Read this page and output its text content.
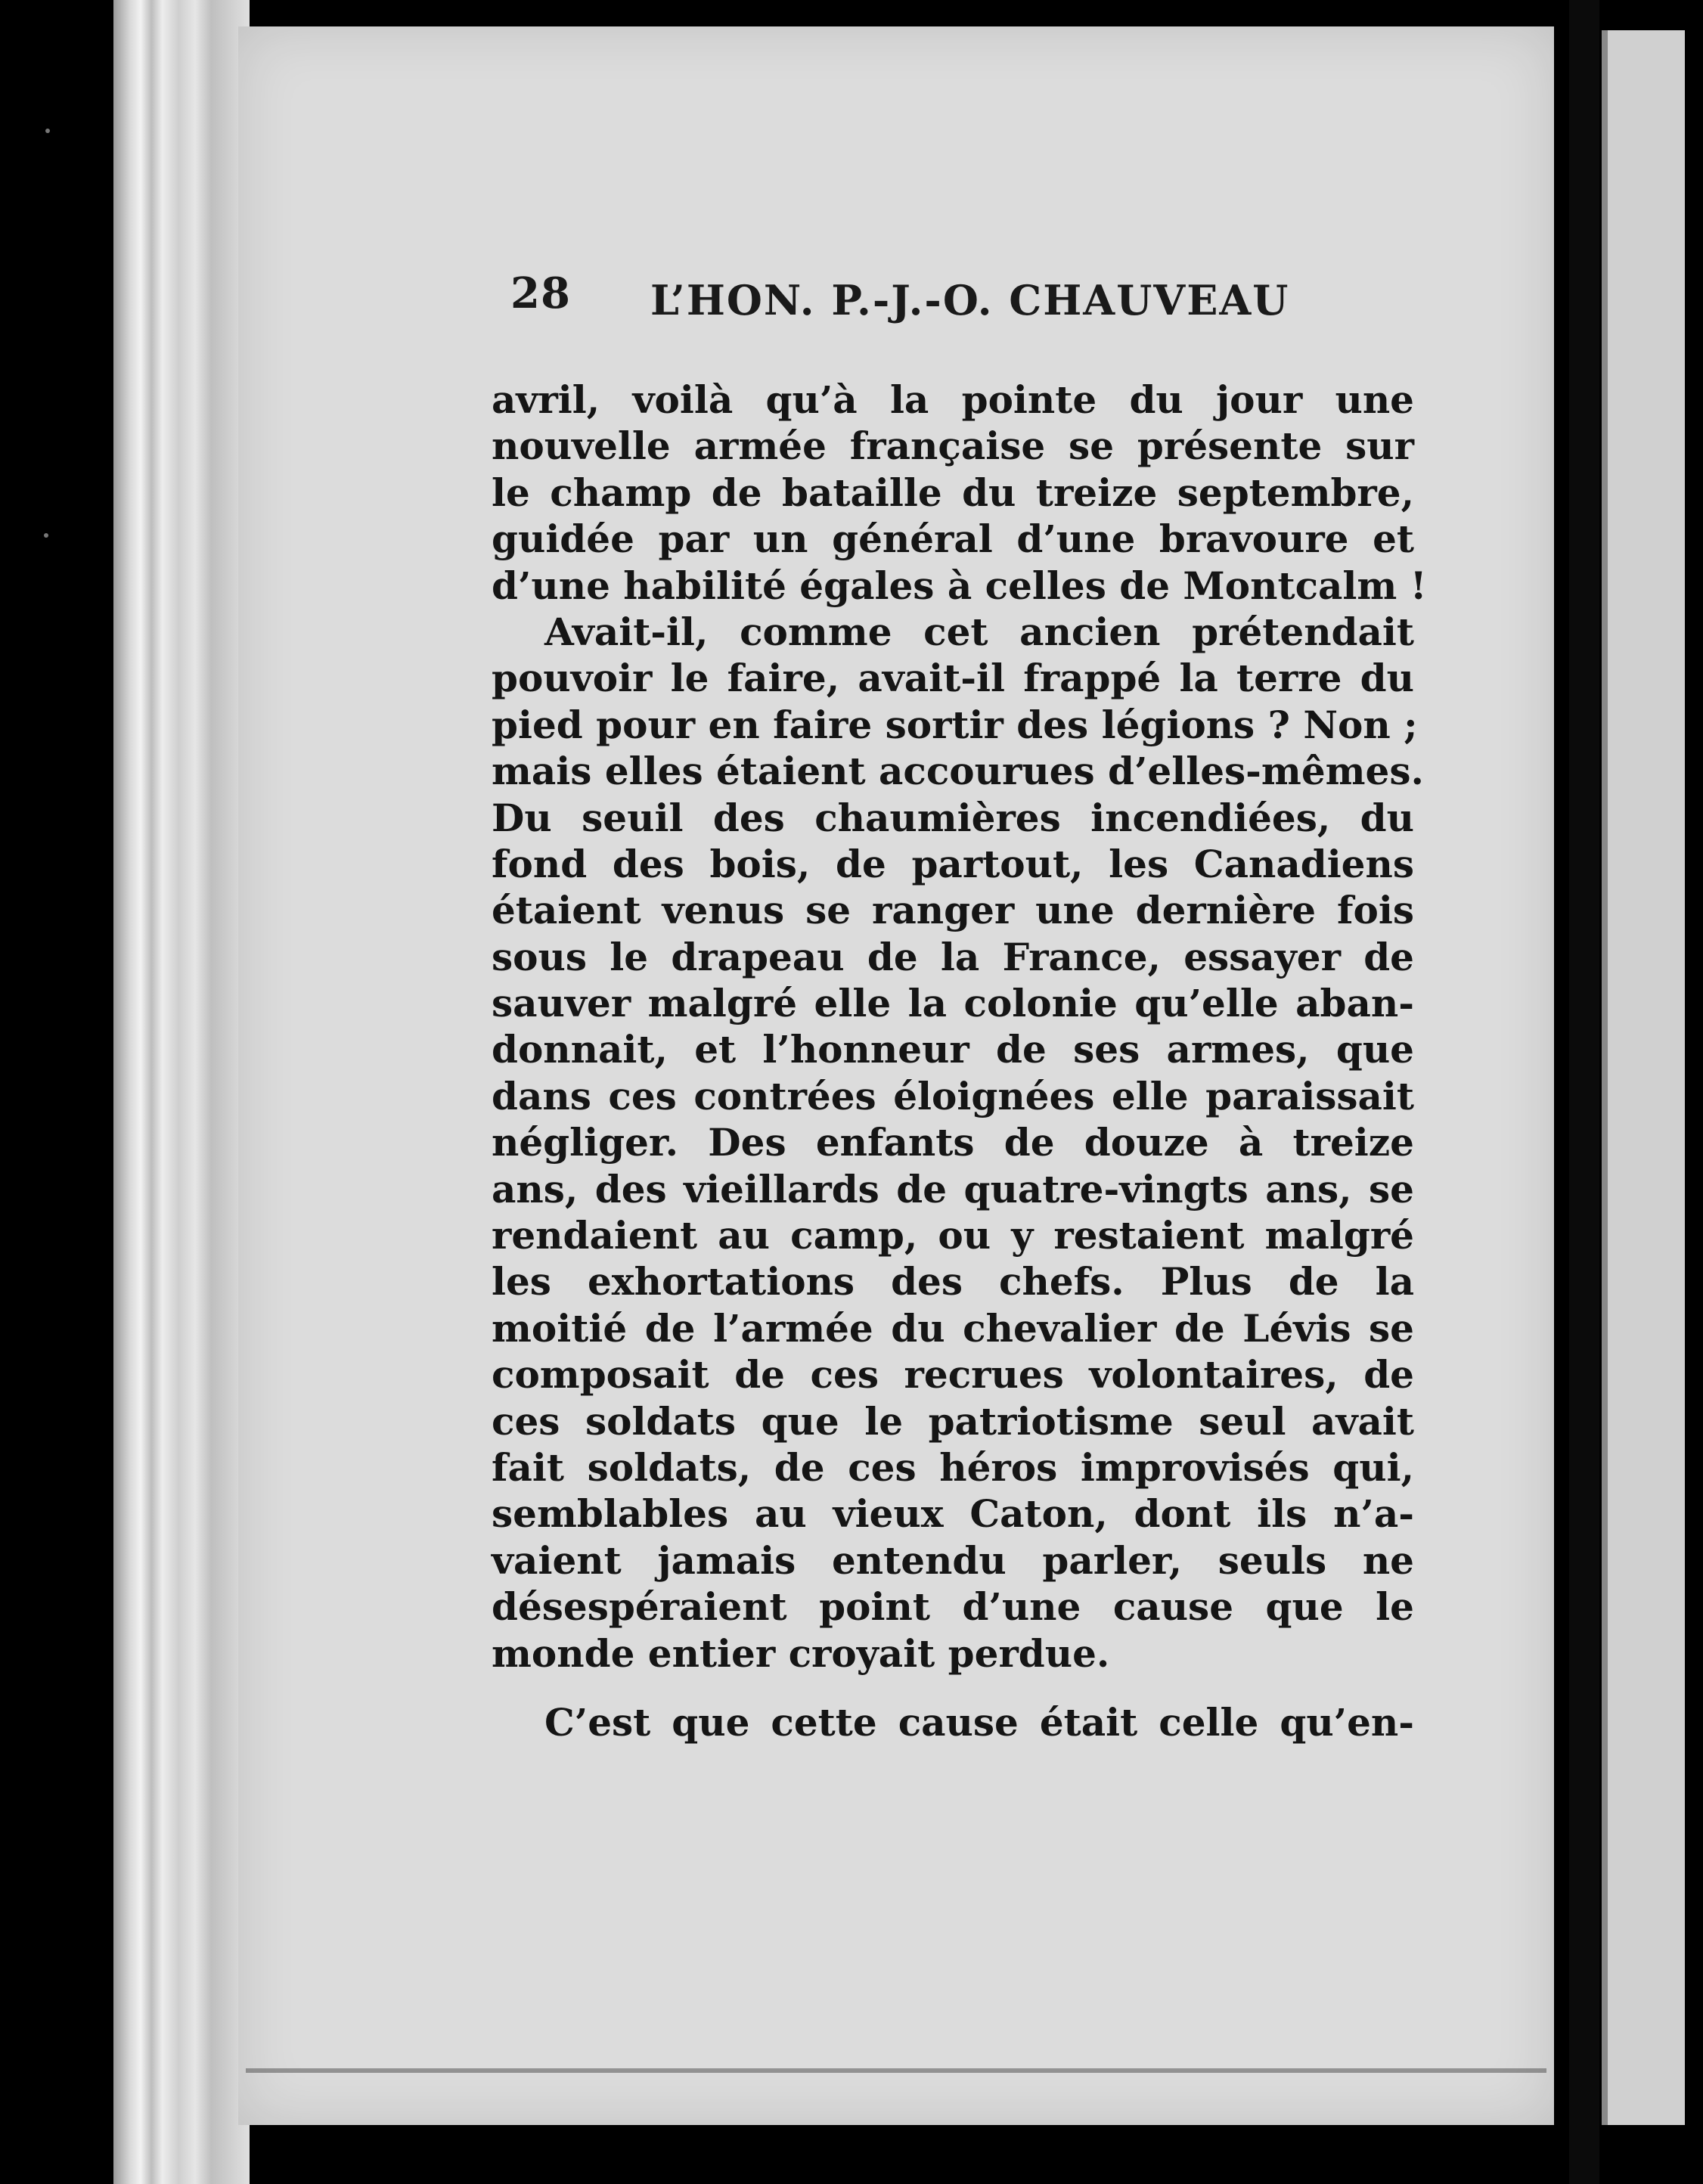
28 L’HON. P.-J.-O. CHAUVEAU
avril, voilà qu’à la pointe du jour une
nouvelle armée française se présente sur
le champ de bataille du treize septembre,
guidée par un général d’une bravoure et
d’une habilité égales à celles de Montcalm !
Avait-il, comme cet ancien prétendait
pouvoir le faire, avait-il frappé la terre du
pied pour en faire sortir des légions ? Non ;
mais elles étaient accourues d’elles-mêmes.
Du seuil des chaumières incendiées, du
fond des bois, de partout, les Canadiens
étaient venus se ranger une dernière fois
sous le drapeau de la France, essayer de
sauver malgré elle la colonie qu’elle aban-
donnait, et l’honneur de ses armes, que
dans ces contrées éloignées elle paraissait
négliger. Des enfants de douze à treize
ans, des vieillards de quatre-vingts ans, se
rendaient au camp, ou y restaient malgré
les exhortations des chefs. Plus de la
moitié de l’armée du chevalier de Lévis se
composait de ces recrues volontaires, de
ces soldats que le patriotisme seul avait
fait soldats, de ces héros improvisés qui,
semblables au vieux Caton, dont ils n’a-
vaient jamais entendu parler, seuls ne
désespéraient point d’une cause que le
monde entier croyait perdue.
C’est que cette cause était celle qu’en-
